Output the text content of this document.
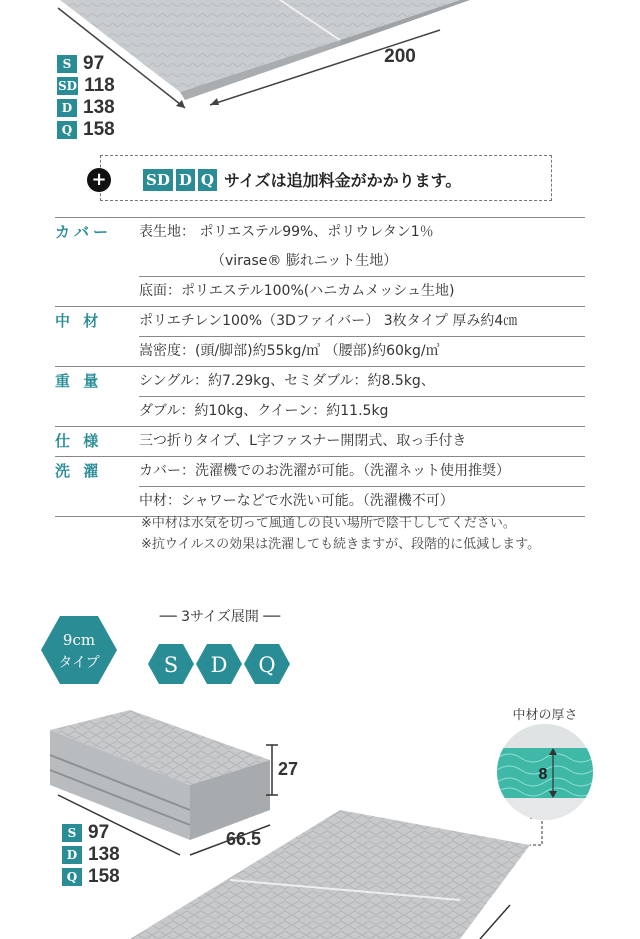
200
S 97
SD 118
D 138
Q 158
+	SD D Q サイズは追加料金がかかります。
カバー	表生地： ポリエステル99%、ポリウレタン1％
（virase® 膨れニット生地）
底面：ポリエステル100%(ハニカムメッシュ生地)
中 材	ポリエチレン100%（3Dファイバー） 3枚タイプ 厚み約4㎝
嵩密度：(頭/脚部)約55kg/㎥ （腰部)約60kg/㎥
重 量	シングル：約7.29kg、セミダブル：約8.5kg、
ダブル：約10kg、クイーン：約11.5kg
仕 様	三つ折りタイプ、L字ファスナー開閉式、取っ手付き
洗 濯	カバー：洗濯機でのお洗濯が可能。（洗濯ネット使用推奨）
中材：シャワーなどで水洗い可能。（洗濯機不可）
※中材は水気を切って風通しの良い場所で陰干ししてください。
※抗ウイルスの効果は洗濯しても続きますが、段階的に低減します。
── 3サイズ展開 ──
9cm
タイプ	S D Q
27
66.5
S 97
D 138
Q 158
中材の厚さ
8
